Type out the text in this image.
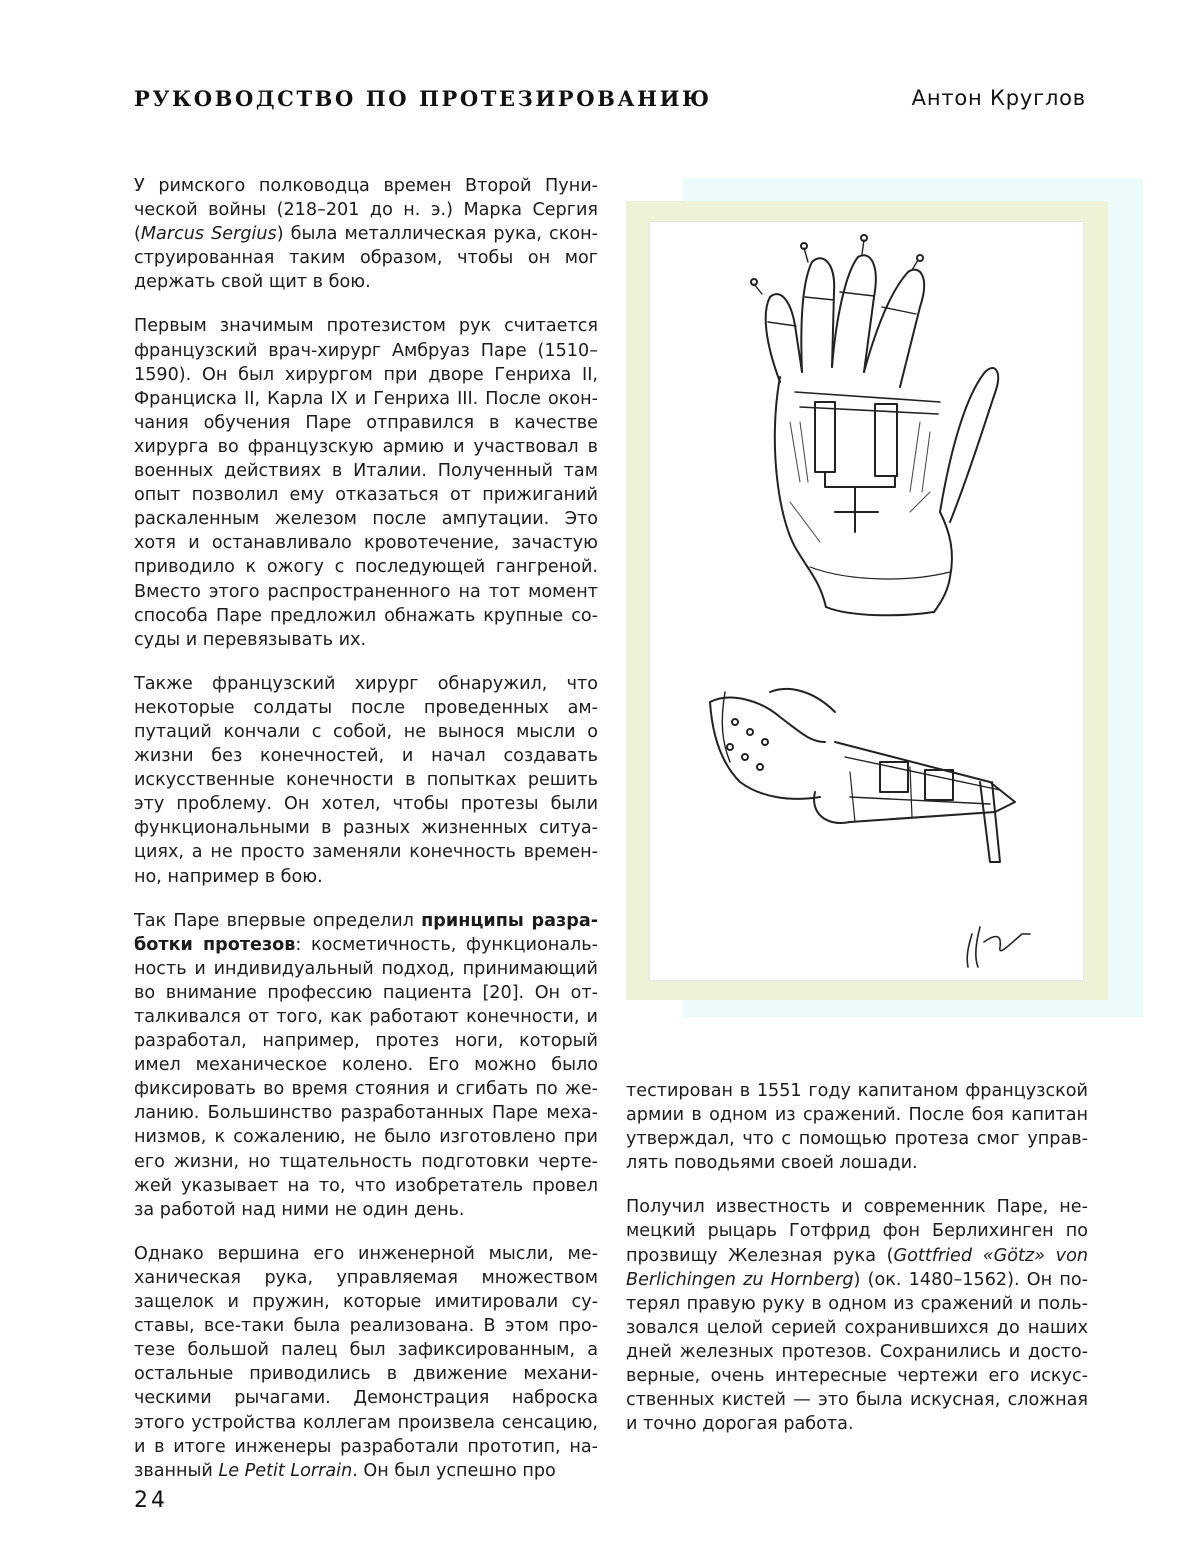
РУКОВОДСТВО ПО ПРОТЕЗИРОВАНИЮ	Антон Круглов

У римского полководца времен Второй Пунической войны (218–201 до н. э.) Марка Сергия (Marcus Sergius) была металлическая рука, сконструированная таким образом, чтобы он мог держать свой щит в бою.

Первым значимым протезистом рук считается французский врач-хирург Амбруаз Паре (1510–1590). Он был хирургом при дворе Генриха II, Франциска II, Карла IX и Генриха III. После окончания обучения Паре отправился в качестве хирурга во французскую армию и участвовал в военных действиях в Италии. Полученный там опыт позволил ему отказаться от прижиганий раскаленным железом после ампутации. Это хотя и останавливало кровотечение, зачастую приводило к ожогу с последующей гангреной. Вместо этого распространенного на тот момент способа Паре предложил обнажать крупные сосуды и перевязывать их.

Также французский хирург обнаружил, что некоторые солдаты после проведенных ампутаций кончали с собой, не вынося мысли о жизни без конечностей, и начал создавать искусственные конечности в попытках решить эту проблему. Он хотел, чтобы протезы были функциональными в разных жизненных ситуациях, а не просто заменяли конечность временно, например в бою.

Так Паре впервые определил принципы разработки протезов: косметичность, функциональность и индивидуальный подход, принимающий во внимание профессию пациента [20]. Он отталкивался от того, как работают конечности, и разработал, например, протез ноги, который имел механическое колено. Его можно было фиксировать во время стояния и сгибать по желанию. Большинство разработанных Паре механизмов, к сожалению, не было изготовлено при его жизни, но тщательность подготовки чертежей указывает на то, что изобретатель провел за работой над ними не один день.

Однако вершина его инженерной мысли, механическая рука, управляемая множеством защелок и пружин, которые имитировали суставы, все-таки была реализована. В этом протезе большой палец был зафиксированным, а остальные приводились в движение механическими рычагами. Демонстрация наброска этого устройства коллегам произвела сенсацию, и в итоге инженеры разработали прототип, названный Le Petit Lorrain. Он был успешно про

тестирован в 1551 году капитаном французской армии в одном из сражений. После боя капитан утверждал, что с помощью протеза смог управлять поводьями своей лошади.

Получил известность и современник Паре, немецкий рыцарь Готфрид фон Берлихинген по прозвищу Железная рука (Gottfried «Götz» von Berlichingen zu Hornberg) (ок. 1480–1562). Он потерял правую руку в одном из сражений и пользовался целой серией сохранившихся до наших дней железных протезов. Сохранились и достоверные, очень интересные чертежи его искусственных кистей — это была искусная, сложная и точно дорогая работа.

24
